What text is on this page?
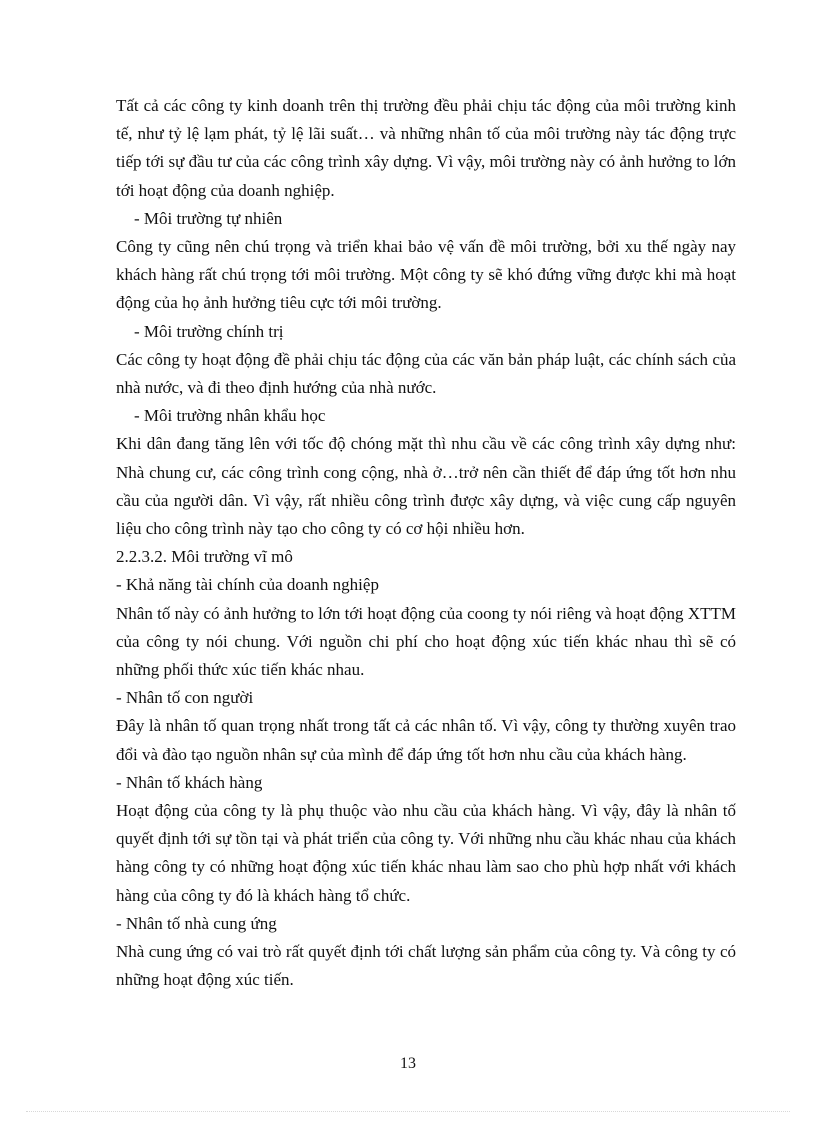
Tất cả các công ty kinh doanh trên thị trường đều phải chịu tác động của môi trường kinh tế, như tỷ lệ lạm phát, tỷ lệ lãi suất… và những nhân tố của môi trường này tác động trực tiếp tới sự đầu tư của các công trình xây dựng. Vì vậy, môi trường này có ảnh hưởng to lớn tới hoạt động của doanh nghiệp.

- Môi trường tự nhiên

Công ty cũng nên chú trọng và triển khai bảo vệ vấn đề môi trường, bởi xu thế ngày nay khách hàng rất chú trọng tới môi trường. Một công ty sẽ khó đứng vững được khi mà hoạt động của họ ảnh hưởng tiêu cực tới môi trường.

- Môi trường chính trị

Các công ty hoạt động đề phải chịu tác động của các văn bản pháp luật, các chính sách của nhà nước, và đi theo định hướng của nhà nước.

- Môi trường nhân khẩu học

Khi dân đang tăng lên với tốc độ chóng mặt thì nhu cầu về các công trình xây dựng như: Nhà chung cư, các công trình cong cộng, nhà ở…trở nên cần thiết để đáp ứng tốt hơn nhu cầu của người dân. Vì vậy, rất nhiều công trình được xây dựng, và việc cung cấp nguyên liệu cho công trình này tạo cho công ty có cơ hội nhiều hơn.

2.2.3.2. Môi trường vĩ mô

- Khả năng tài chính của doanh nghiệp

Nhân tố này có ảnh hưởng to lớn tới hoạt động của coong ty nói riêng và hoạt động XTTM của công ty nói chung. Với nguồn chi phí cho hoạt động xúc tiến khác nhau thì sẽ có những phối thức xúc tiến khác nhau.

- Nhân tố con người

Đây là nhân tố quan trọng nhất trong tất cả các nhân tố. Vì vậy, công ty thường xuyên trao đổi và đào tạo nguồn nhân sự của mình để đáp ứng tốt hơn nhu cầu của khách hàng.

- Nhân tố khách hàng

Hoạt động của công ty là phụ thuộc vào nhu cầu của khách hàng. Vì vậy, đây là nhân tố quyết định tới sự tồn tại và phát triển của công ty. Với những nhu cầu khác nhau của khách hàng công ty có những hoạt động xúc tiến khác nhau làm sao cho phù hợp nhất với khách hàng của công ty đó là khách hàng tổ chức.

- Nhân tố nhà cung ứng

Nhà cung ứng có vai trò rất quyết định tới chất lượng sản phẩm của công ty. Và công ty có những hoạt động xúc tiến.

13
